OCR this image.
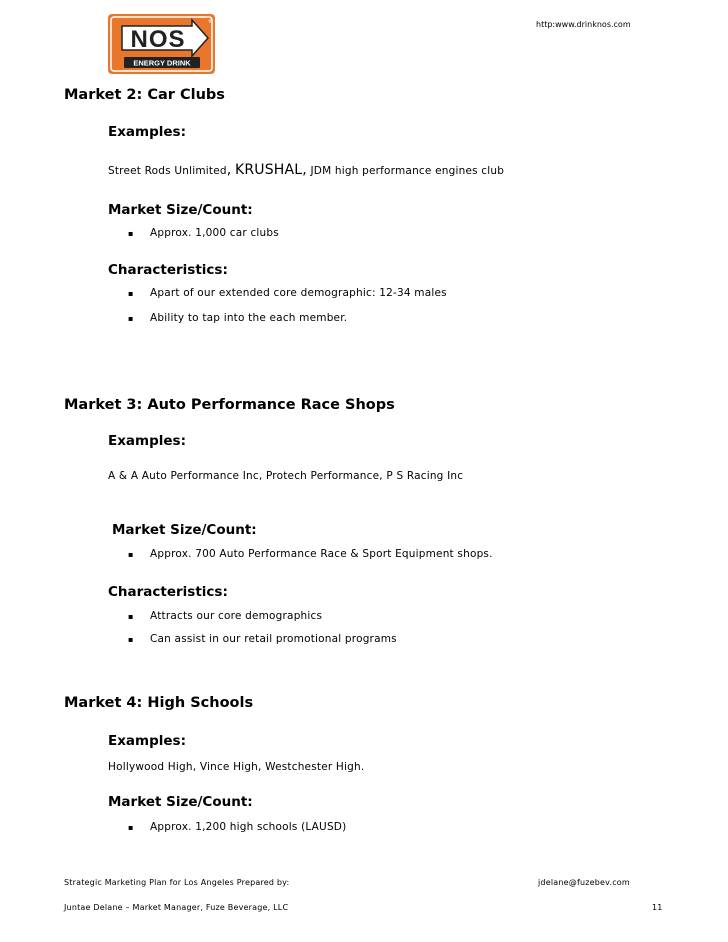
http:www.drinknos.com
NOS
ENERGY DRINK
®
Market 2: Car Clubs
Examples:
Street Rods Unlimited, KRUSHAL, JDM high performance engines club
Market Size/Count:
▪ Approx. 1,000 car clubs
Characteristics:
▪ Apart of our extended core demographic: 12-34 males
▪ Ability to tap into the each member.
Market 3: Auto Performance Race Shops
Examples:
A & A Auto Performance Inc, Protech Performance, P S Racing Inc
Market Size/Count:
▪ Approx. 700 Auto Performance Race & Sport Equipment shops.
Characteristics:
▪ Attracts our core demographics
▪ Can assist in our retail promotional programs
Market 4: High Schools
Examples:
Hollywood High, Vince High, Westchester High.
Market Size/Count:
▪ Approx. 1,200 high schools (LAUSD)
Strategic Marketing Plan for Los Angeles Prepared by:	jdelane@fuzebev.com
Juntae Delane – Market Manager, Fuze Beverage, LLC	11
